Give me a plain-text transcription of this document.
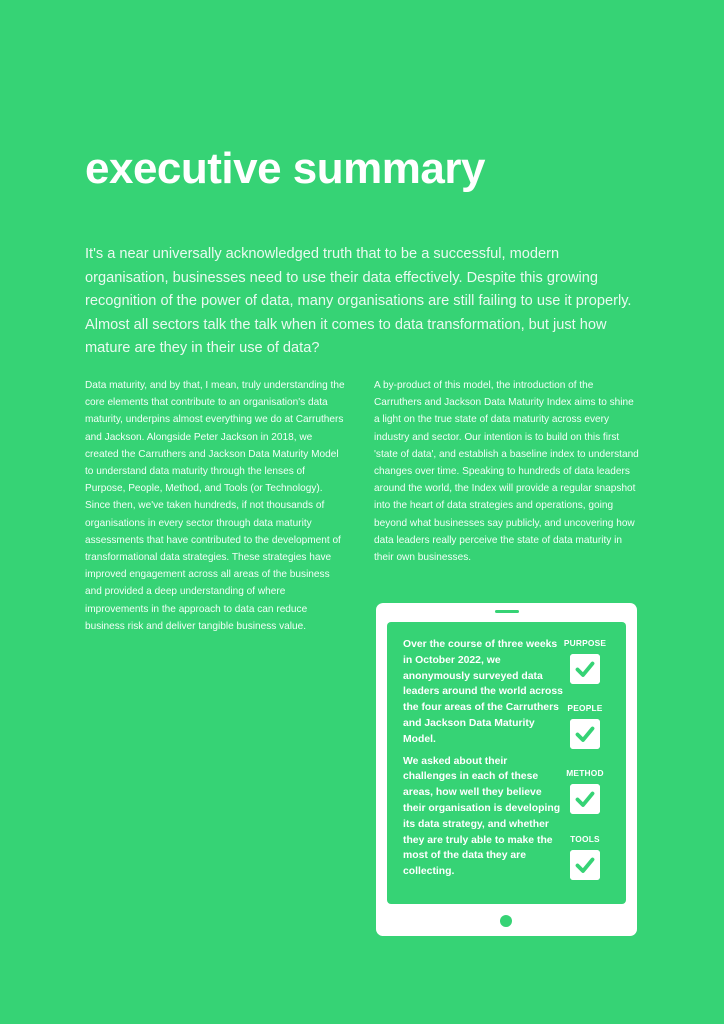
executive summary

It's a near universally acknowledged truth that to be a successful, modern organisation, businesses need to use their data effectively. Despite this growing recognition of the power of data, many organisations are still failing to use it properly. Almost all sectors talk the talk when it comes to data transformation, but just how mature are they in their use of data?

Data maturity, and by that, I mean, truly understanding the core elements that contribute to an organisation's data maturity, underpins almost everything we do at Carruthers and Jackson. Alongside Peter Jackson in 2018, we created the Carruthers and Jackson Data Maturity Model to understand data maturity through the lenses of Purpose, People, Method, and Tools (or Technology). Since then, we've taken hundreds, if not thousands of organisations in every sector through data maturity assessments that have contributed to the development of transformational data strategies. These strategies have improved engagement across all areas of the business and provided a deep understanding of where improvements in the approach to data can reduce business risk and deliver tangible business value.

A by-product of this model, the introduction of the Carruthers and Jackson Data Maturity Index aims to shine a light on the true state of data maturity across every industry and sector. Our intention is to build on this first 'state of data', and establish a baseline index to understand changes over time. Speaking to hundreds of data leaders around the world, the Index will provide a regular snapshot into the heart of data strategies and operations, going beyond what businesses say publicly, and uncovering how data leaders really perceive the state of data maturity in their own businesses.

Over the course of three weeks in October 2022, we anonymously surveyed data leaders around the world across the four areas of the Carruthers and Jackson Data Maturity Model.

We asked about their challenges in each of these areas, how well they believe their organisation is developing its data strategy, and whether they are truly able to make the most of the data they are collecting.

PURPOSE
PEOPLE
METHOD
TOOLS
